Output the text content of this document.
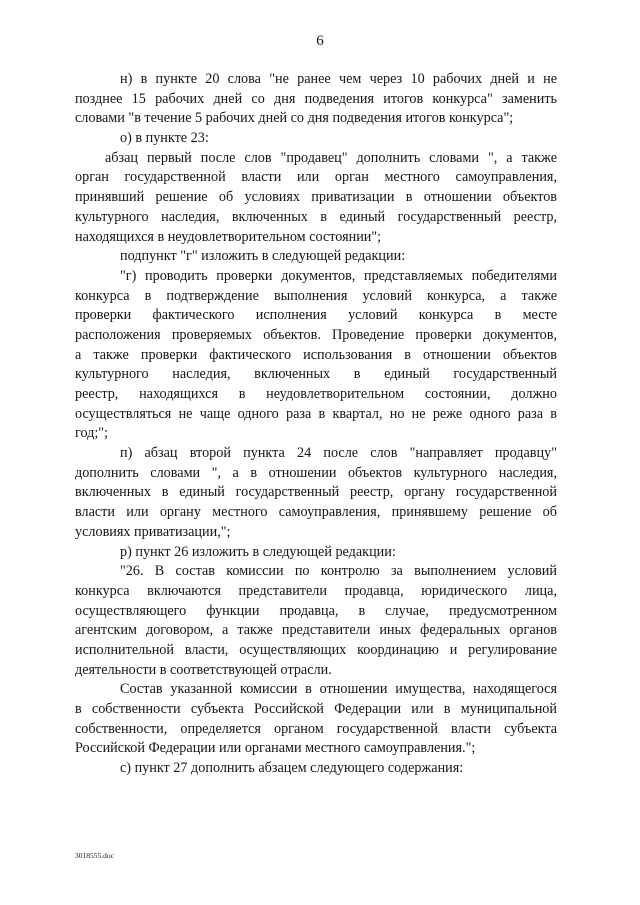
6
н) в пункте 20 слова "не ранее чем через 10 рабочих дней и не
позднее 15 рабочих дней со дня подведения итогов конкурса" заменить
словами "в течение 5 рабочих дней со дня подведения итогов конкурса";
о) в пункте 23:
абзац первый после слов "продавец" дополнить словами ", а также
орган государственной власти или орган местного самоуправления,
принявший решение об условиях приватизации в отношении объектов
культурного наследия, включенных в единый государственный реестр,
находящихся в неудовлетворительном состоянии";
подпункт "г" изложить в следующей редакции:
"г) проводить проверки документов, представляемых победителями
конкурса в подтверждение выполнения условий конкурса, а также
проверки фактического исполнения условий конкурса в месте
расположения проверяемых объектов. Проведение проверки документов,
а также проверки фактического использования в отношении объектов
культурного наследия, включенных в единый государственный
реестр, находящихся в неудовлетворительном состоянии, должно
осуществляться не чаще одного раза в квартал, но не реже одного раза в
год;";
п) абзац второй пункта 24 после слов "направляет продавцу"
дополнить словами ", а в отношении объектов культурного наследия,
включенных в единый государственный реестр, органу государственной
власти или органу местного самоуправления, принявшему решение об
условиях приватизации,";
р) пункт 26 изложить в следующей редакции:
"26. В состав комиссии по контролю за выполнением условий
конкурса включаются представители продавца, юридического лица,
осуществляющего функции продавца, в случае, предусмотренном
агентским договором, а также представители иных федеральных органов
исполнительной власти, осуществляющих координацию и регулирование
деятельности в соответствующей отрасли.
Состав указанной комиссии в отношении имущества, находящегося
в собственности субъекта Российской Федерации или в муниципальной
собственности, определяется органом государственной власти субъекта
Российской Федерации или органами местного самоуправления.";
с) пункт 27 дополнить абзацем следующего содержания:
3018555.doc
